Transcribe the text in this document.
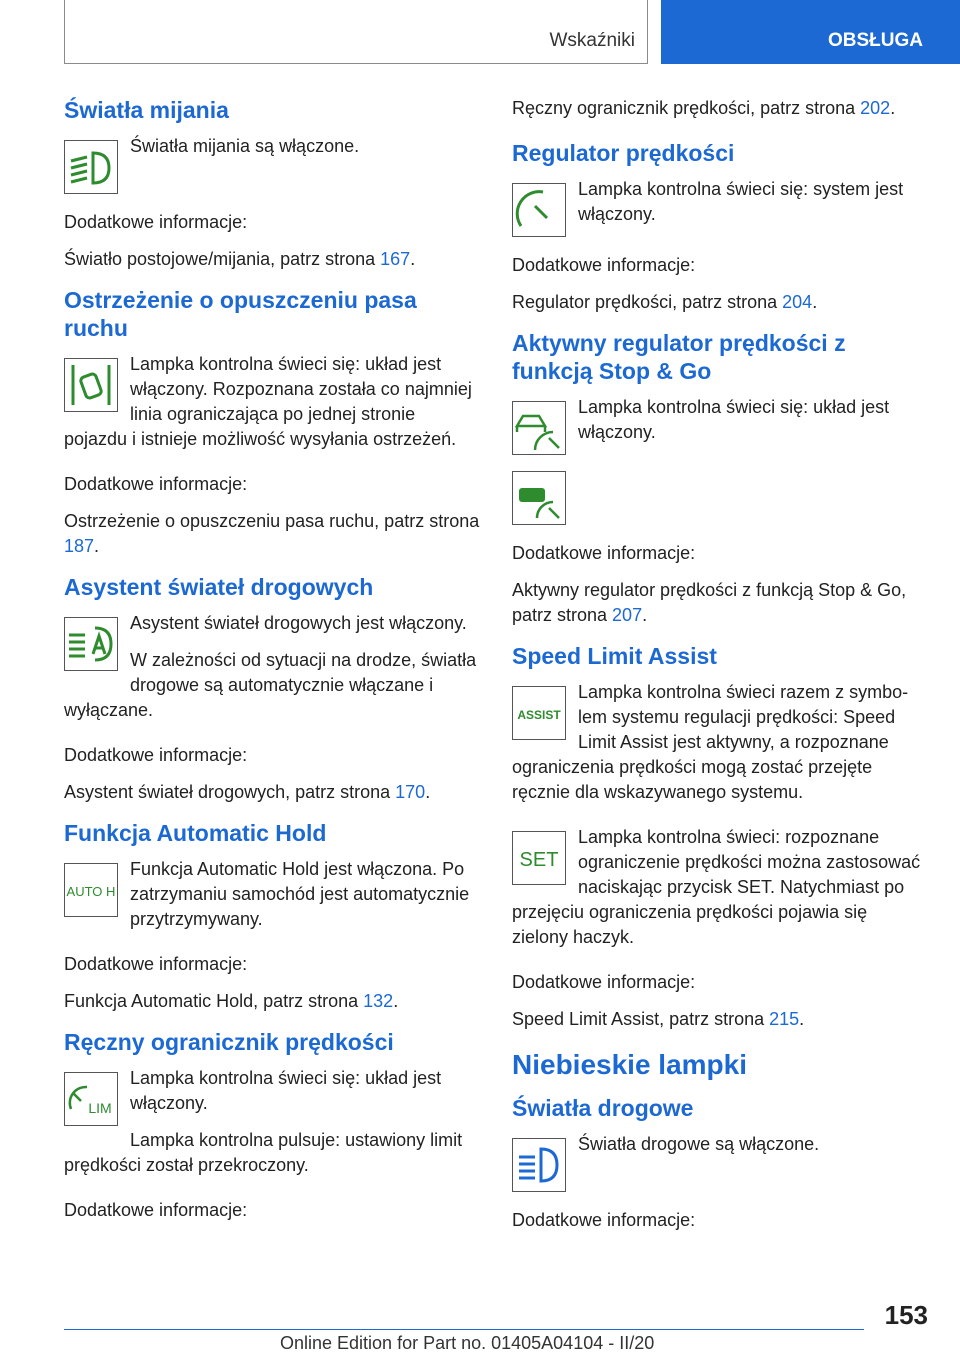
Wskaźniki	OBSŁUGA
Światła mijania

Światła mijania są włączone.

Dodatkowe informacje:

Światło postojowe/mijania, patrz strona 167.

Ostrzeżenie o opuszczeniu pasa ruchu

Lampka kontrolna świeci się: układ jest włączony. Rozpoznana została co najmniej linia ograniczająca po jednej stronie pojazdu i istnieje możliwość wysyłania ostrzeżeń.

Dodatkowe informacje:

Ostrzeżenie o opuszczeniu pasa ruchu, patrz strona 187.

Asystent świateł drogowych

Asystent świateł drogowych jest włączony.

W zależności od sytuacji na drodze, światła drogowe są automatycznie włączane i wyłączane.

Dodatkowe informacje:

Asystent świateł drogowych, patrz strona 170.

Funkcja Automatic Hold
AUTO H

Funkcja Automatic Hold jest włączona. Po zatrzymaniu samochód jest automatycznie przytrzymywany.

Dodatkowe informacje:

Funkcja Automatic Hold, patrz strona 132.

Ręczny ogranicznik prędkości
LIM

Lampka kontrolna świeci się: układ jest włączony.

Lampka kontrolna pulsuje: ustawiony limit prędkości został przekroczony.

Dodatkowe informacje:

Ręczny ogranicznik prędkości, patrz strona 202.

Regulator prędkości

Lampka kontrolna świeci się: system jest włączony.

Dodatkowe informacje:

Regulator prędkości, patrz strona 204.

Aktywny regulator prędkości z funkcją Stop & Go

Lampka kontrolna świeci się: układ jest włączony.

Dodatkowe informacje:

Aktywny regulator prędkości z funkcją Stop & Go, patrz strona 207.

Speed Limit Assist
ASSIST

Lampka kontrolna świeci razem z symbolem systemu regulacji prędkości: Speed Limit Assist jest aktywny, a rozpoznane ograniczenia prędkości mogą zostać przejęte ręcznie dla wskazywanego systemu.

SET

Lampka kontrolna świeci: rozpoznane ograniczenie prędkości można zastosować naciskając przycisk SET. Natychmiast po przejęciu ograniczenia prędkości pojawia się zielony haczyk.

Dodatkowe informacje:

Speed Limit Assist, patrz strona 215.

Niebieskie lampki
Światła drogowe

Światła drogowe są włączone.

Dodatkowe informacje:

153
Online Edition for Part no. 01405A04104 - II/20
